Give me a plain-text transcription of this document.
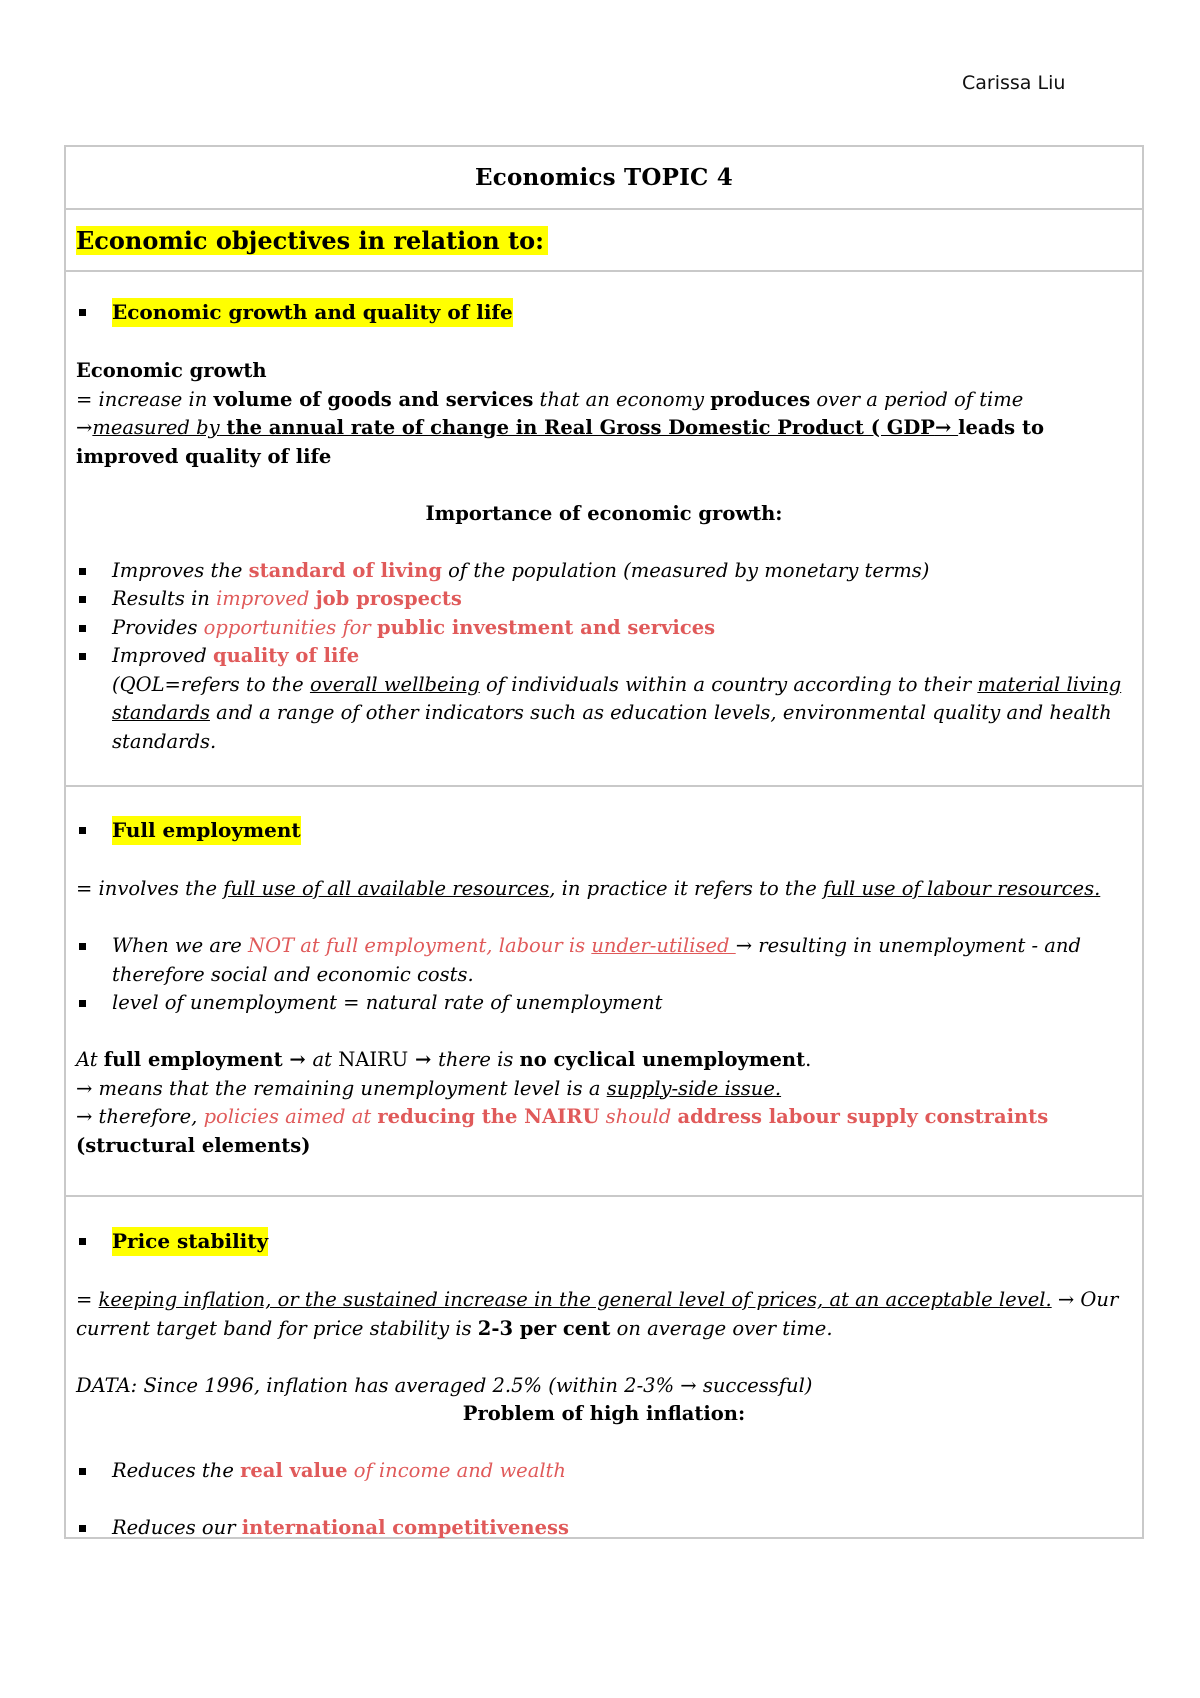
Carissa Liu
Economics TOPIC 4
Economic objectives in relation to:
Economic growth and quality of life

Economic growth

= increase in volume of goods and services that an economy produces over a period of time

→measured by the annual rate of change in Real Gross Domestic Product ( GDP→ leads to improved quality of life

Importance of economic growth:

Improves the standard of living of the population (measured by monetary terms)
Results in improved job prospects
Provides opportunities for public investment and services
Improved quality of life
(QOL=refers to the overall wellbeing of individuals within a country according to their material living standards and a range of other indicators such as education levels, environmental quality and health standards.
Full employment

= involves the full use of all available resources, in practice it refers to the full use of labour resources.

When we are NOT at full employment, labour is under-utilised → resulting in unemployment - and therefore social and economic costs.
level of unemployment = natural rate of unemployment

At full employment → at NAIRU → there is no cyclical unemployment.

→ means that the remaining unemployment level is a supply-side issue.

→ therefore, policies aimed at reducing the NAIRU should address labour supply constraints
(structural elements)

Price stability

= keeping inflation, or the sustained increase in the general level of prices, at an acceptable level. → Our current target band for price stability is 2-3 per cent on average over time.

DATA: Since 1996, inflation has averaged 2.5% (within 2-3% → successful)

Problem of high inflation:

Reduces the real value of income and wealth
Reduces our international competitiveness
